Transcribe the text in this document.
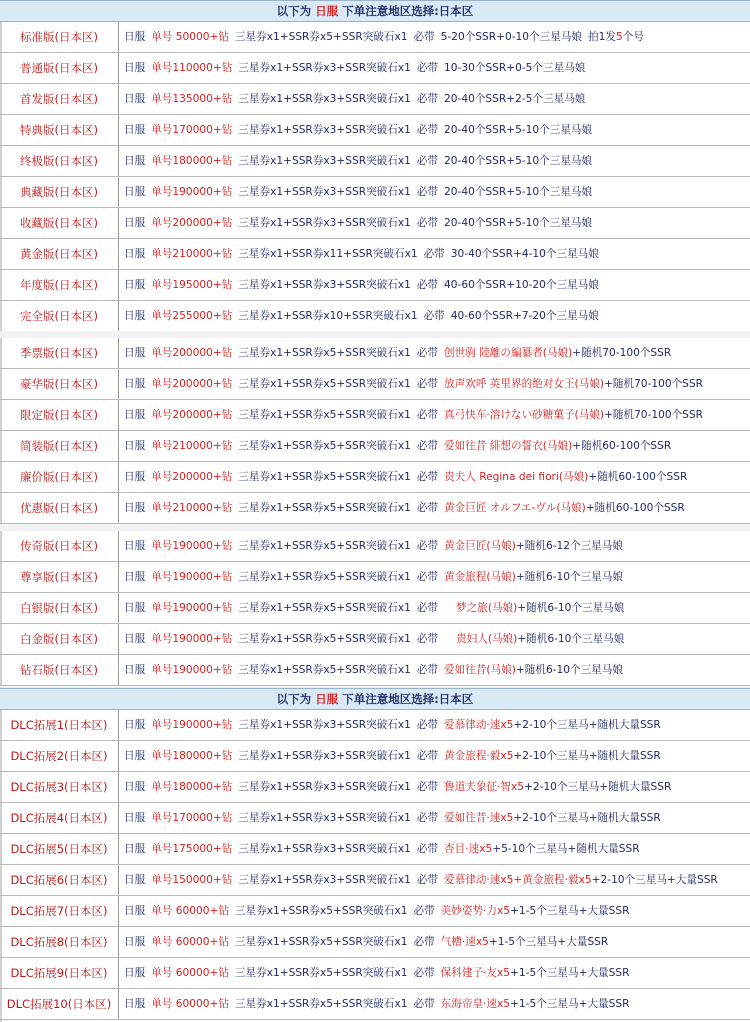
以下为 日服 下单注意地区选择:日本区
标准版(日本区)	日服 单号 50000+钻 三星券x1+SSR券x5+SSR突破石x1 必带 5-20个SSR+0-10个三星马娘 拍1发5个号
普通版(日本区)	日服 单号110000+钻 三星券x1+SSR券x3+SSR突破石x1 必带 10-30个SSR+0-5个三星马娘
首发版(日本区)	日服 单号135000+钻 三星券x1+SSR券x3+SSR突破石x1 必带 20-40个SSR+2-5个三星马娘
特典版(日本区)	日服 单号170000+钻 三星券x1+SSR券x3+SSR突破石x1 必带 20-40个SSR+5-10个三星马娘
终极版(日本区)	日服 单号180000+钻 三星券x1+SSR券x3+SSR突破石x1 必带 20-40个SSR+5-10个三星马娘
典藏版(日本区)	日服 单号190000+钻 三星券x1+SSR券x3+SSR突破石x1 必带 20-40个SSR+5-10个三星马娘
收藏版(日本区)	日服 单号200000+钻 三星券x1+SSR券x3+SSR突破石x1 必带 20-40个SSR+5-10个三星马娘
黄金版(日本区)	日服 单号210000+钻 三星券x1+SSR券x11+SSR突破石x1 必带 30-40个SSR+4-10个三星马娘
年度版(日本区)	日服 单号195000+钻 三星券x1+SSR券x3+SSR突破石x1 必带 40-60个SSR+10-20个三星马娘
完全版(日本区)	日服 单号255000+钻 三星券x1+SSR券x10+SSR突破石x1 必带 40-60个SSR+7-20个三星马娘
季票版(日本区)	日服 单号200000+钻 三星券x1+SSR券x5+SSR突破石x1 必带 创世驹 陸離の編纂者(马娘)+随机70-100个SSR
豪华版(日本区)	日服 单号200000+钻 三星券x1+SSR券x5+SSR突破石x1 必带 放声欢呼 英里界的绝对女王(马娘)+随机70-100个SSR
限定版(日本区)	日服 单号200000+钻 三星券x1+SSR券x5+SSR突破石x1 必带 真弓快车·溶けない砂糖菓子(马娘)+随机70-100个SSR
简装版(日本区)	日服 单号210000+钻 三星券x1+SSR券x5+SSR突破石x1 必带 爱如往昔 緋想の誓衣(马娘)+随机60-100个SSR
廉价版(日本区)	日服 单号200000+钻 三星券x1+SSR券x5+SSR突破石x1 必带 贵夫人 Regina dei fiori(马娘)+随机60-100个SSR
优惠版(日本区)	日服 单号210000+钻 三星券x1+SSR券x5+SSR突破石x1 必带 黄金巨匠 オルフエ-ヴル(马娘)+随机60-100个SSR
传奇版(日本区)	日服 单号190000+钻 三星券x1+SSR券x5+SSR突破石x1 必带 黄金巨匠(马娘)+随机6-12个三星马娘
尊享版(日本区)	日服 单号190000+钻 三星券x1+SSR券x5+SSR突破石x1 必带 黄金旅程(马娘)+随机6-10个三星马娘
白银版(日本区)	日服 单号190000+钻 三星券x1+SSR券x5+SSR突破石x1 必带 梦之旅(马娘)+随机6-10个三星马娘
白金版(日本区)	日服 单号190000+钻 三星券x1+SSR券x5+SSR突破石x1 必带 贵妇人(马娘)+随机6-10个三星马娘
钻石版(日本区)	日服 单号190000+钻 三星券x1+SSR券x5+SSR突破石x1 必带 爱如往昔(马娘)+随机6-10个三星马娘
以下为 日服 下单注意地区选择:日本区
DLC拓展1(日本区)	日服 单号190000+钻 三星券x1+SSR券x3+SSR突破石x1 必带 爱慕律动·速x5+2-10个三星马+随机大量SSR
DLC拓展2(日本区)	日服 单号180000+钻 三星券x1+SSR券x3+SSR突破石x1 必带 黄金旅程·毅x5+2-10个三星马+随机大量SSR
DLC拓展3(日本区)	日服 单号180000+钻 三星券x1+SSR券x3+SSR突破石x1 必带 鲁道夫象征·智x5+2-10个三星马+随机大量SSR
DLC拓展4(日本区)	日服 单号170000+钻 三星券x1+SSR券x3+SSR突破石x1 必带 爱如往昔·速x5+2-10个三星马+随机大量SSR
DLC拓展5(日本区)	日服 单号175000+钻 三星券x1+SSR券x3+SSR突破石x1 必带 杏目·速x5+5-10个三星马+随机大量SSR
DLC拓展6(日本区)	日服 单号150000+钻 三星券x1+SSR券x3+SSR突破石x1 必带 爱慕律动·速x5+黄金旅程·毅x5+2-10个三星马+大量SSR
DLC拓展7(日本区)	日服 单号 60000+钻 三星券x1+SSR券x5+SSR突破石x1 必带 美妙姿势·力x5+1-5个三星马+大量SSR
DLC拓展8(日本区)	日服 单号 60000+钻 三星券x1+SSR券x5+SSR突破石x1 必带 气槽·速x5+1-5个三星马+大量SSR
DLC拓展9(日本区)	日服 单号 60000+钻 三星券x1+SSR券x5+SSR突破石x1 必带 保科建子·友x5+1-5个三星马+大量SSR
DLC拓展10(日本区)	日服 单号 60000+钻 三星券x1+SSR券x5+SSR突破石x1 必带 东海帝皇·速x5+1-5个三星马+大量SSR
